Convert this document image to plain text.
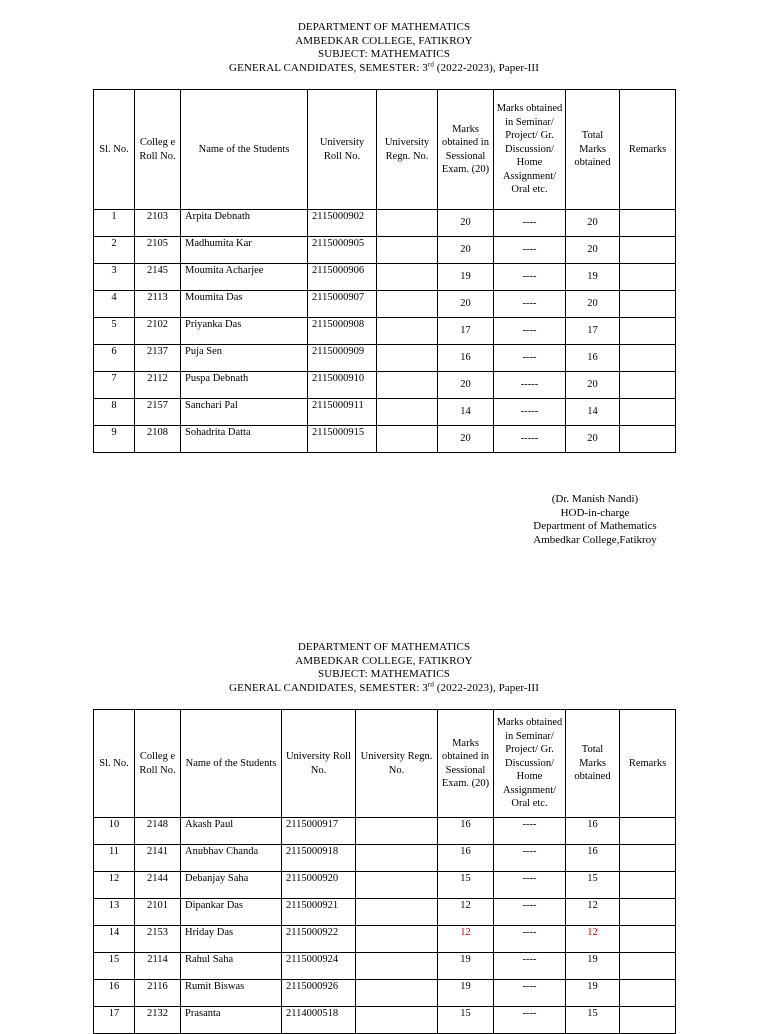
DEPARTMENT OF MATHEMATICS
AMBEDKAR COLLEGE, FATIKROY
SUBJECT: MATHEMATICS
GENERAL CANDIDATES, SEMESTER: 3rd (2022-2023), Paper-III
Sl. No.	Colleg e Roll No.	Name of the Students	University Roll No.	University Regn. No.	Marks obtained in Sessional Exam. (20)	Marks obtained in Seminar/ Project/ Gr. Discussion/ Home Assignment/ Oral etc.	Total Marks obtained	Remarks
1	2103	Arpita Debnath	2115000902		20	----	20	
2	2105	Madhumita Kar	2115000905		20	----	20	
3	2145	Moumita Acharjee	2115000906		19	----	19	
4	2113	Moumita Das	2115000907		20	----	20	
5	2102	Priyanka Das	2115000908		17	----	17	
6	2137	Puja Sen	2115000909		16	----	16	
7	2112	Puspa Debnath	2115000910		20	-----	20	
8	2157	Sanchari Pal	2115000911		14	-----	14	
9	2108	Sohadrita Datta	2115000915		20	-----	20	
(Dr. Manish Nandi)
HOD-in-charge
Department of Mathematics
Ambedkar College,Fatikroy
DEPARTMENT OF MATHEMATICS
AMBEDKAR COLLEGE, FATIKROY
SUBJECT: MATHEMATICS
GENERAL CANDIDATES, SEMESTER: 3rd (2022-2023), Paper-III
Sl. No.	Colleg e Roll No.	Name of the Students	University Roll No.	University Regn. No.	Marks obtained in Sessional Exam. (20)	Marks obtained in Seminar/ Project/ Gr. Discussion/ Home Assignment/ Oral etc.	Total Marks obtained	Remarks
10	2148	Akash Paul	2115000917		16	----	16	
11	2141	Anubhav Chanda	2115000918		16	----	16	
12	2144	Debanjay Saha	2115000920		15	----	15	
13	2101	Dipankar Das	2115000921		12	----	12	
14	2153	Hriday Das	2115000922		12	----	12	
15	2114	Rahul Saha	2115000924		19	----	19	
16	2116	Rumit Biswas	2115000926		19	----	19	
17	2132	Prasanta	2114000518		15	----	15	
